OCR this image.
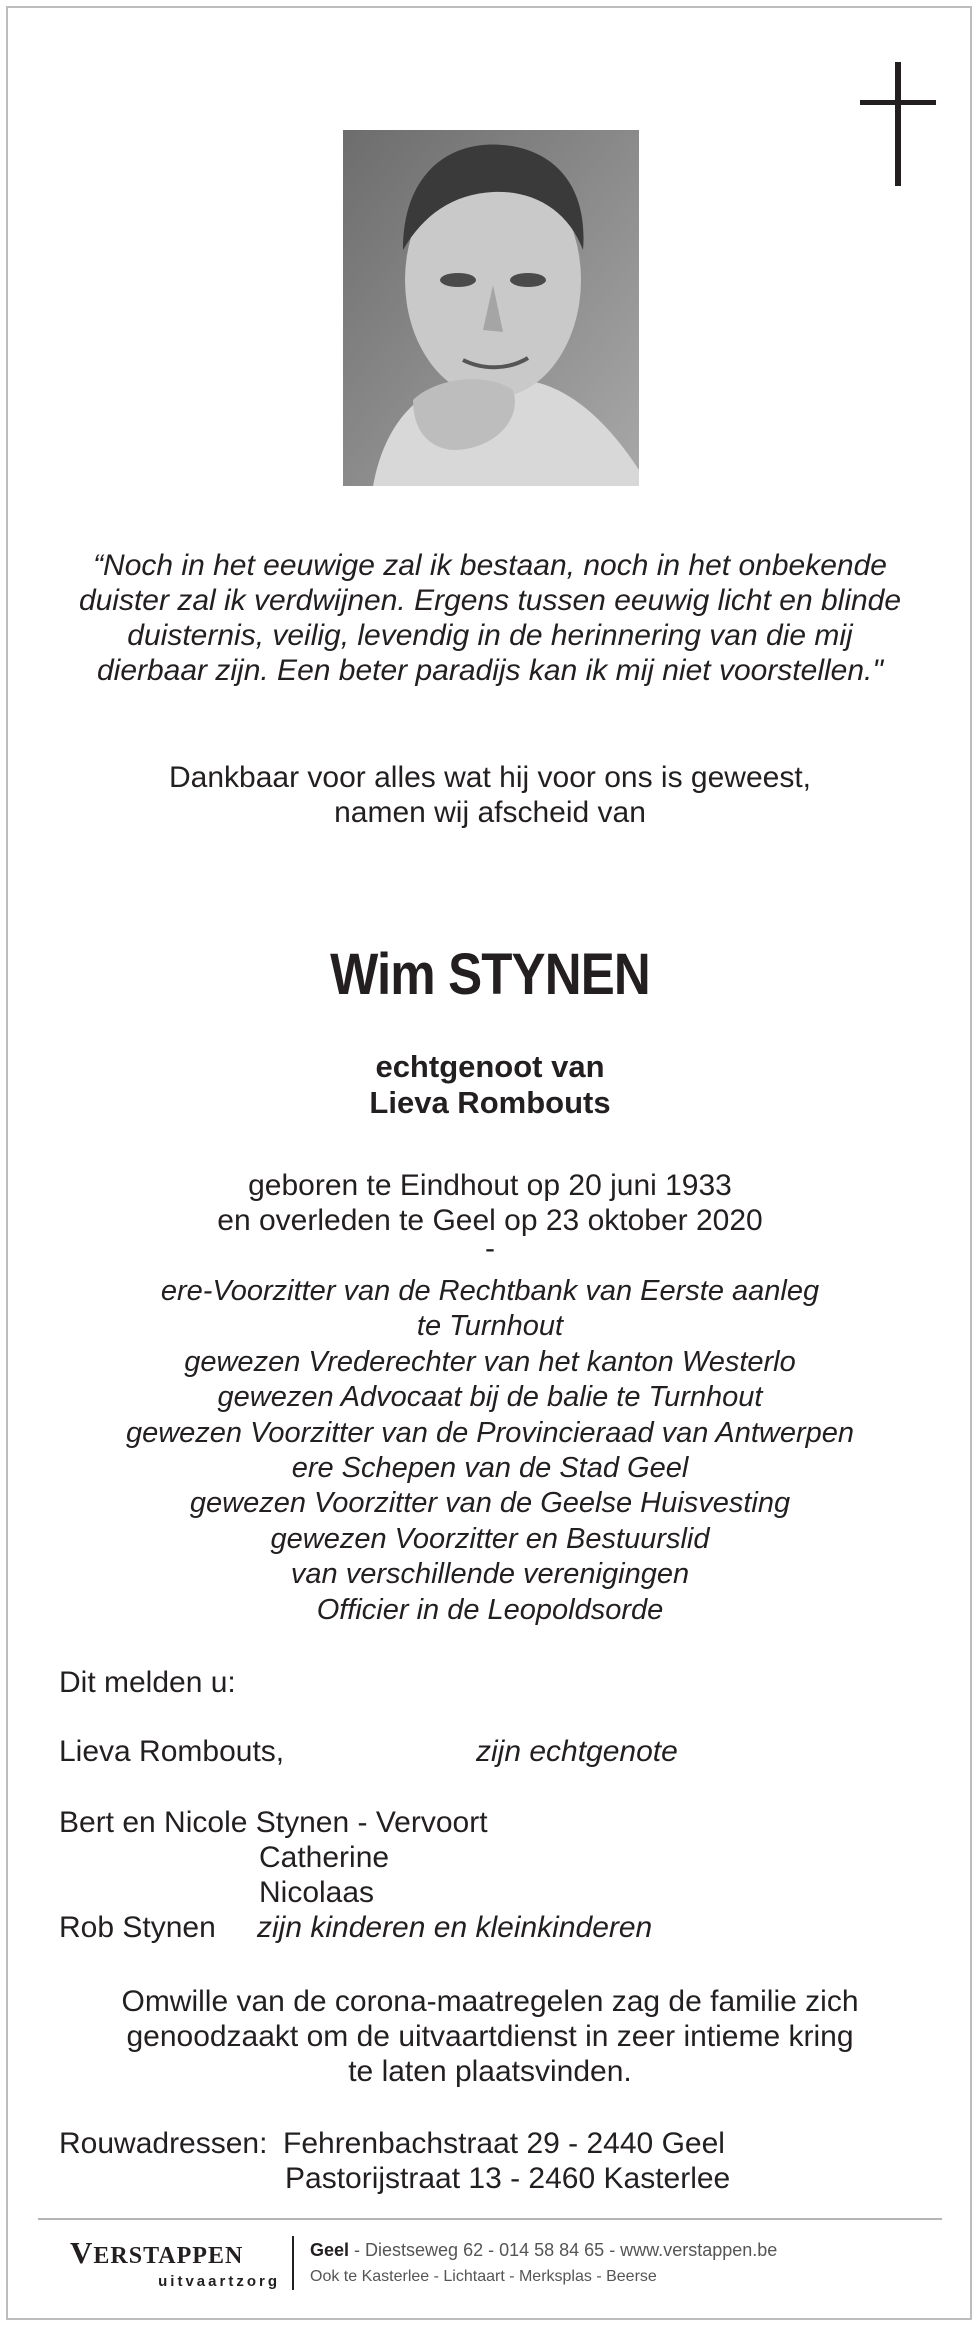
“Noch in het eeuwige zal ik bestaan, noch in het onbekende
duister zal ik verdwijnen. Ergens tussen eeuwig licht en blinde
duisternis, veilig, levendig in de herinnering van die mij
dierbaar zijn. Een beter paradijs kan ik mij niet voorstellen."
Dankbaar voor alles wat hij voor ons is geweest,
namen wij afscheid van
Wim STYNEN
echtgenoot van
Lieva Rombouts
geboren te Eindhout op 20 juni 1933
en overleden te Geel op 23 oktober 2020
-
ere-Voorzitter van de Rechtbank van Eerste aanleg
te Turnhout
gewezen Vrederechter van het kanton Westerlo
gewezen Advocaat bij de balie te Turnhout
gewezen Voorzitter van de Provincieraad van Antwerpen
ere Schepen van de Stad Geel
gewezen Voorzitter van de Geelse Huisvesting
gewezen Voorzitter en Bestuurslid
van verschillende verenigingen
Officier in de Leopoldsorde
Dit melden u:
Lieva Rombouts,	zijn echtgenote
Bert en Nicole Stynen - Vervoort
Catherine
Nicolaas
Rob Stynen zijn kinderen en kleinkinderen
Omwille van de corona-maatregelen zag de familie zich
genoodzaakt om de uitvaartdienst in zeer intieme kring
te laten plaatsvinden.
Rouwadressen: Fehrenbachstraat 29 - 2440 Geel
Pastorijstraat 13 - 2460 Kasterlee
VERSTAPPEN
uitvaartzorg
Geel - Diestseweg 62 - 014 58 84 65 - www.verstappen.be
Ook te Kasterlee - Lichtaart - Merksplas - Beerse
